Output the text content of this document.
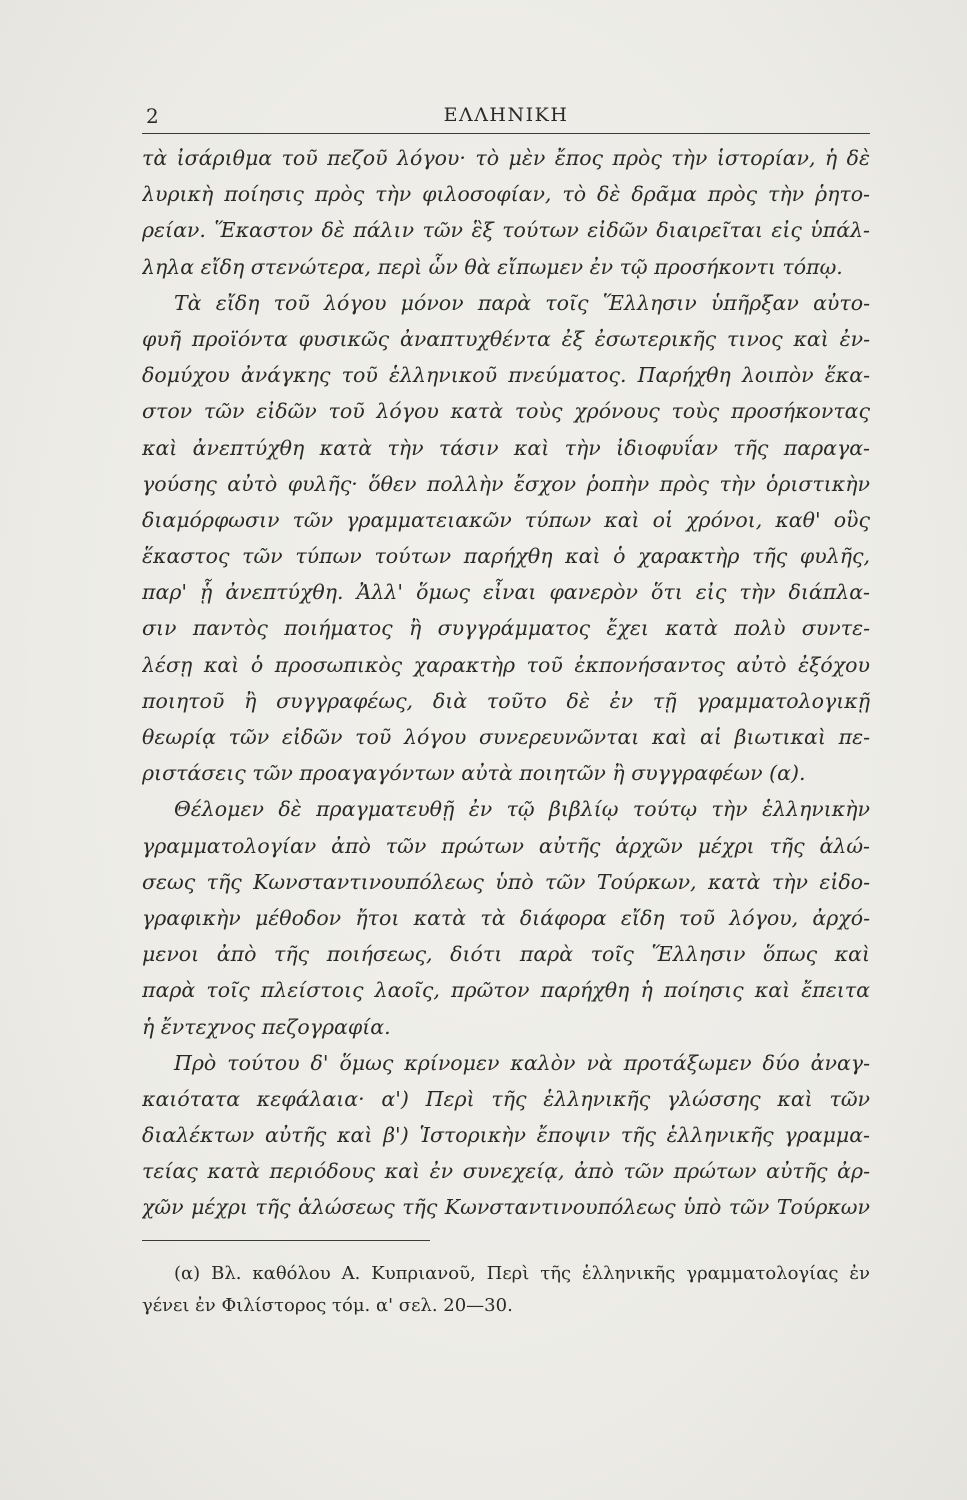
2	ΕΛΛΗΝΙΚΗ
τὰ ἰσάριθμα τοῦ πεζοῦ λόγου· τὸ μὲν ἔπος πρὸς τὴν ἱστορίαν, ἡ δὲ
λυρικὴ ποίησις πρὸς τὴν φιλοσοφίαν, τὸ δὲ δρᾶμα πρὸς τὴν ῥητο-
ρείαν. Ἕκαστον δὲ πάλιν τῶν ἓξ τούτων εἰδῶν διαιρεῖται εἰς ὑπάλ-
ληλα εἴδη στενώτερα, περὶ ὧν θὰ εἴπωμεν ἐν τῷ προσήκοντι τόπῳ.
Τὰ εἴδη τοῦ λόγου μόνον παρὰ τοῖς Ἕλλησιν ὑπῆρξαν αὐτο-
φυῆ προϊόντα φυσικῶς ἀναπτυχθέντα ἐξ ἐσωτερικῆς τινος καὶ ἐν-
δομύχου ἀνάγκης τοῦ ἑλληνικοῦ πνεύματος. Παρήχθη λοιπὸν ἕκα-
στον τῶν εἰδῶν τοῦ λόγου κατὰ τοὺς χρόνους τοὺς προσήκοντας
καὶ ἀνεπτύχθη κατὰ τὴν τάσιν καὶ τὴν ἰδιοφυΐαν τῆς παραγα-
γούσης αὐτὸ φυλῆς· ὅθεν πολλὴν ἔσχον ῥοπὴν πρὸς τὴν ὁριστικὴν
διαμόρφωσιν τῶν γραμματειακῶν τύπων καὶ οἱ χρόνοι, καθ' οὓς
ἕκαστος τῶν τύπων τούτων παρήχθη καὶ ὁ χαρακτὴρ τῆς φυλῆς,
παρ' ᾗ ἀνεπτύχθη. Ἀλλ' ὅμως εἶναι φανερὸν ὅτι εἰς τὴν διάπλα-
σιν παντὸς ποιήματος ἢ συγγράμματος ἔχει κατὰ πολὺ συντε-
λέσῃ καὶ ὁ προσωπικὸς χαρακτὴρ τοῦ ἐκπονήσαντος αὐτὸ ἐξόχου
ποιητοῦ ἢ συγγραφέως, διὰ τοῦτο δὲ ἐν τῇ γραμματολογικῇ
θεωρίᾳ τῶν εἰδῶν τοῦ λόγου συνερευνῶνται καὶ αἱ βιωτικαὶ πε-
ριστάσεις τῶν προαγαγόντων αὐτὰ ποιητῶν ἢ συγγραφέων (α).
Θέλομεν δὲ πραγματευθῇ ἐν τῷ βιβλίῳ τούτῳ τὴν ἑλληνικὴν
γραμματολογίαν ἀπὸ τῶν πρώτων αὐτῆς ἀρχῶν μέχρι τῆς ἁλώ-
σεως τῆς Κωνσταντινουπόλεως ὑπὸ τῶν Τούρκων, κατὰ τὴν εἰδο-
γραφικὴν μέθοδον ἤτοι κατὰ τὰ διάφορα εἴδη τοῦ λόγου, ἀρχό-
μενοι ἀπὸ τῆς ποιήσεως, διότι παρὰ τοῖς Ἕλλησιν ὅπως καὶ
παρὰ τοῖς πλείστοις λαοῖς, πρῶτον παρήχθη ἡ ποίησις καὶ ἔπειτα
ἡ ἔντεχνος πεζογραφία.
Πρὸ τούτου δ' ὅμως κρίνομεν καλὸν νὰ προτάξωμεν δύο ἀναγ-
καιότατα κεφάλαια· α') Περὶ τῆς ἑλληνικῆς γλώσσης καὶ τῶν
διαλέκτων αὐτῆς καὶ β') Ἱστορικὴν ἔποψιν τῆς ἑλληνικῆς γραμμα-
τείας κατὰ περιόδους καὶ ἐν συνεχείᾳ, ἀπὸ τῶν πρώτων αὐτῆς ἀρ-
χῶν μέχρι τῆς ἁλώσεως τῆς Κωνσταντινουπόλεως ὑπὸ τῶν Τούρκων
(α) Βλ. καθόλου Α. Κυπριανοῦ, Περὶ τῆς ἑλληνικῆς γραμματολογίας ἐν
γένει ἐν Φιλίστορος τόμ. α' σελ. 20—30.
